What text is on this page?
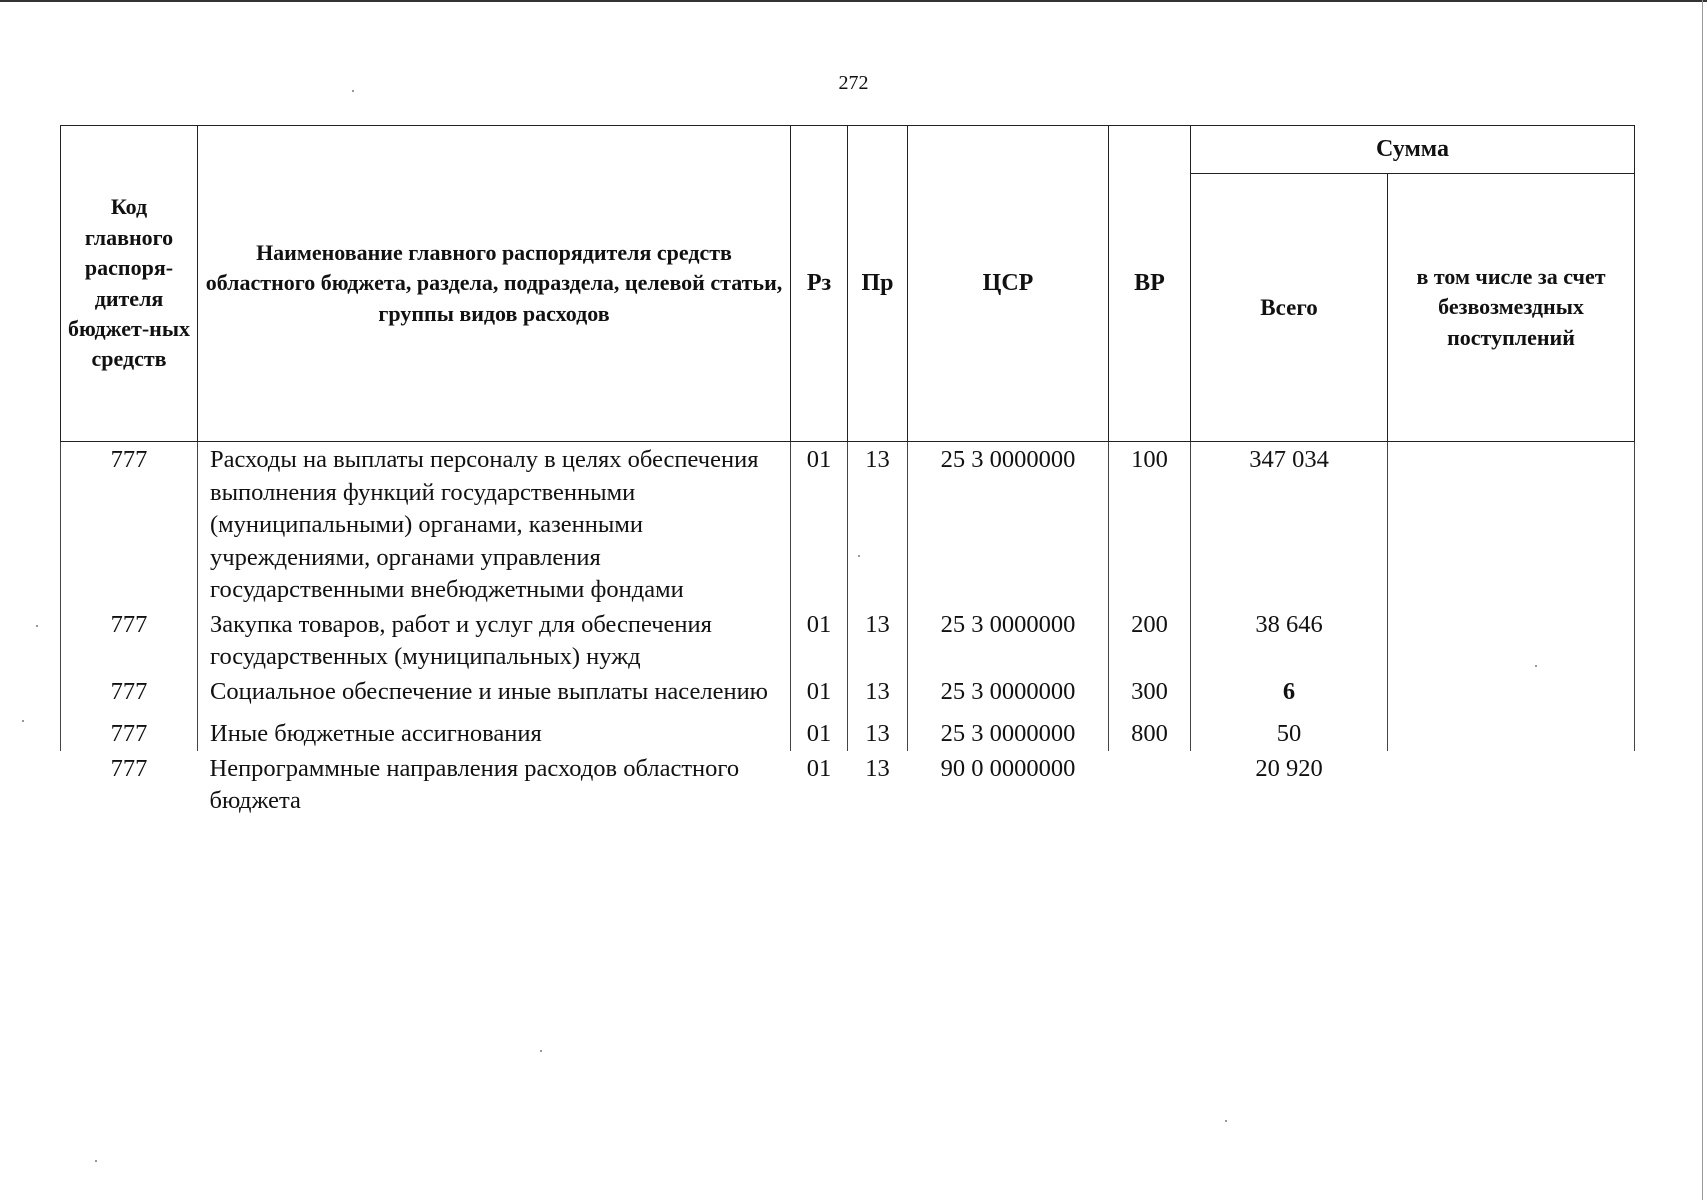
272
Код главного распоря-дителя бюджет-ных средств	Наименование главного распорядителя средств областного бюджета, раздела, подраздела, целевой статьи, группы видов расходов	Рз	Пр	ЦСР	ВР	Сумма	
						Всего	в том числе за счет безвозмездных поступлений
777	Расходы на выплаты персоналу в целях обеспечения выполнения функций государственными (муниципальными) органами, казенными учреждениями, органами управления государственными внебюджетными фондами	01	13	25 3 0000000	100	347 034	
777	Закупка товаров, работ и услуг для обеспечения государственных (муниципальных) нужд	01	13	25 3 0000000	200	38 646	
777	Социальное обеспечение и иные выплаты населению	01	13	25 3 0000000	300	6	
777	Иные бюджетные ассигнования	01	13	25 3 0000000	800	50	
777	Непрограммные направления расходов областного бюджета	01	13	90 0 0000000		20 920	
